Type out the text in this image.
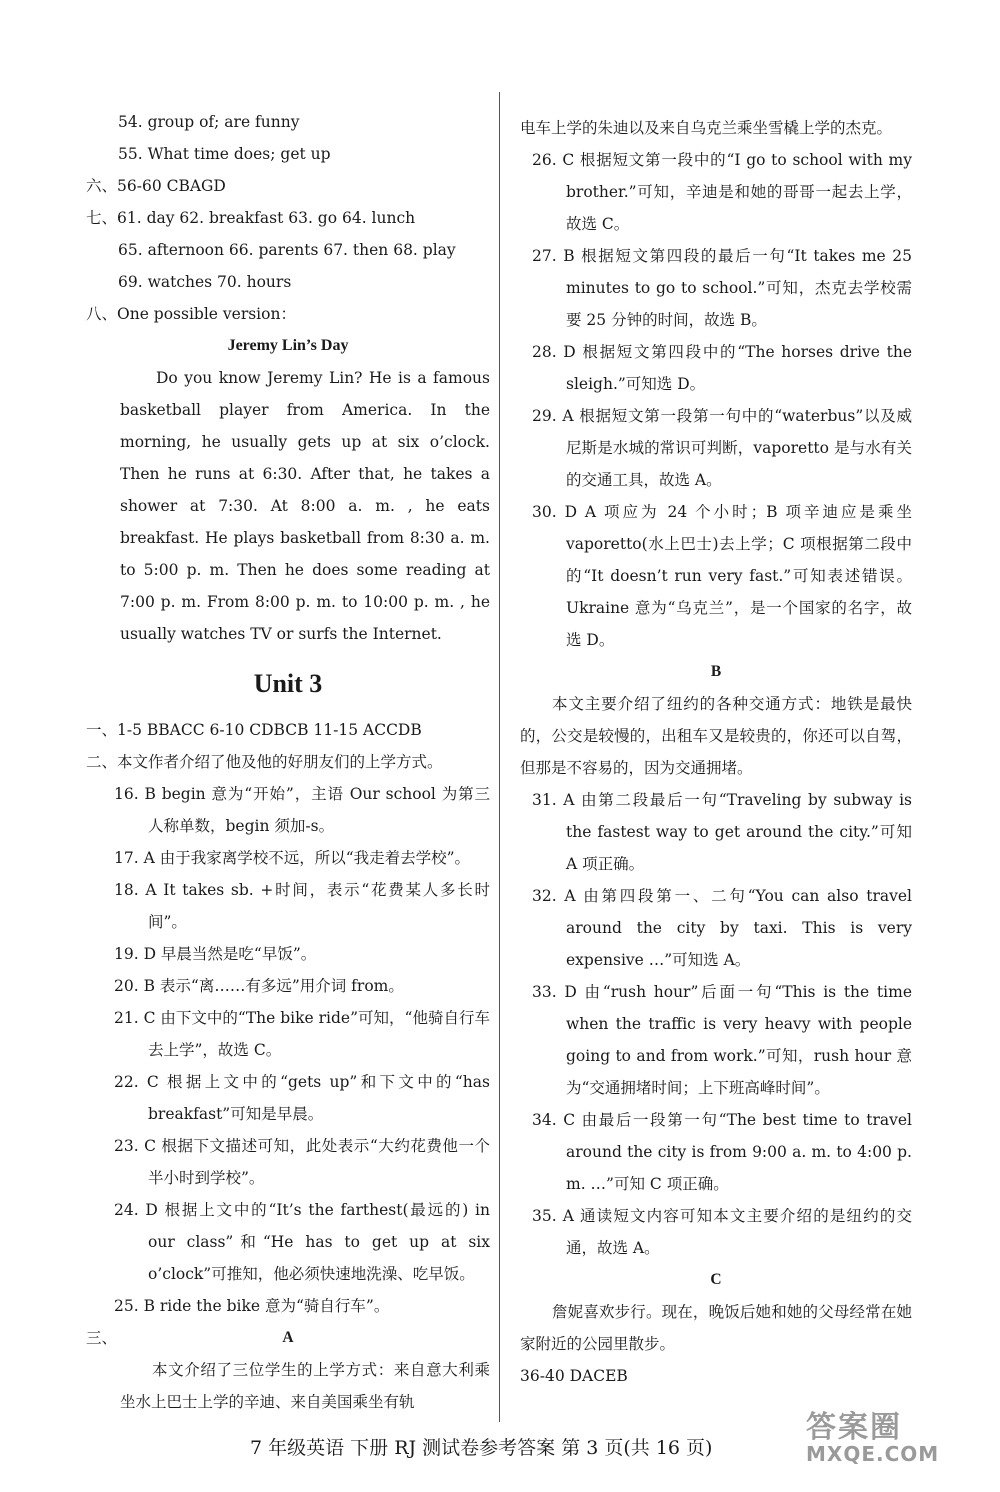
54. group of; are funny
55. What time does; get up
六、56-60 CBAGD
七、61. day 62. breakfast 63. go 64. lunch
65. afternoon 66. parents 67. then 68. play
69. watches 70. hours
八、One possible version：
Jeremy Lin’s Day
Do you know Jeremy Lin? He is a famous basketball player from America. In the morning, he usually gets up at six o’clock. Then he runs at 6:30. After that, he takes a shower at 7:30. At 8:00 a. m. , he eats breakfast. He plays basketball from 8:30 a. m. to 5:00 p. m. Then he does some reading at 7:00 p. m. From 8:00 p. m. to 10:00 p. m. , he usually watches TV or surfs the Internet.
Unit 3
一、1-5 BBACC 6-10 CDBCB 11-15 ACCDB
二、本文作者介绍了他及他的好朋友们的上学方式。
16. B begin 意为“开始”，主语 Our school 为第三人称单数，begin 须加-s。
17. A 由于我家离学校不远，所以“我走着去学校”。
18. A It takes sb. +时间，表示“花费某人多长时间”。
19. D 早晨当然是吃“早饭”。
20. B 表示“离……有多远”用介词 from。
21. C 由下文中的“The bike ride”可知，“他骑自行车去上学”，故选 C。
22. C 根据上文中的“gets up”和下文中的“has breakfast”可知是早晨。
23. C 根据下文描述可知，此处表示“大约花费他一个半小时到学校”。
24. D 根据上文中的“It’s the farthest(最远的) in our class”和“He has to get up at six o’clock”可推知，他必须快速地洗澡、吃早饭。
25. B ride the bike 意为“骑自行车”。
三、	A
本文介绍了三位学生的上学方式：来自意大利乘坐水上巴士上学的辛迪、来自美国乘坐有轨
电车上学的朱迪以及来自乌克兰乘坐雪橇上学的杰克。
26. C 根据短文第一段中的“I go to school with my brother.”可知，辛迪是和她的哥哥一起去上学，故选 C。
27. B 根据短文第四段的最后一句“It takes me 25 minutes to go to school.”可知，杰克去学校需要 25 分钟的时间，故选 B。
28. D 根据短文第四段中的“The horses drive the sleigh.”可知选 D。
29. A 根据短文第一段第一句中的“waterbus”以及威尼斯是水城的常识可判断，vaporetto 是与水有关的交通工具，故选 A。
30. D A 项应为 24 个小时；B 项辛迪应是乘坐 vaporetto(水上巴士)去上学；C 项根据第二段中的“It doesn’t run very fast.”可知表述错误。Ukraine 意为“乌克兰”，是一个国家的名字，故选 D。
B
本文主要介绍了纽约的各种交通方式：地铁是最快的，公交是较慢的，出租车又是较贵的，你还可以自驾，但那是不容易的，因为交通拥堵。
31. A 由第二段最后一句“Traveling by subway is the fastest way to get around the city.”可知 A 项正确。
32. A 由第四段第一、二句“You can also travel around the city by taxi. This is very expensive …”可知选 A。
33. D 由“rush hour”后面一句“This is the time when the traffic is very heavy with people going to and from work.”可知，rush hour 意为“交通拥堵时间；上下班高峰时间”。
34. C 由最后一段第一句“The best time to travel around the city is from 9:00 a. m. to 4:00 p. m. …”可知 C 项正确。
35. A 通读短文内容可知本文主要介绍的是纽约的交通，故选 A。
C
詹妮喜欢步行。现在，晚饭后她和她的父母经常在她家附近的公园里散步。
36-40 DACEB
7 年级英语 下册 RJ 测试卷参考答案 第 3 页(共 16 页)
答案圈
MXQE.COM
